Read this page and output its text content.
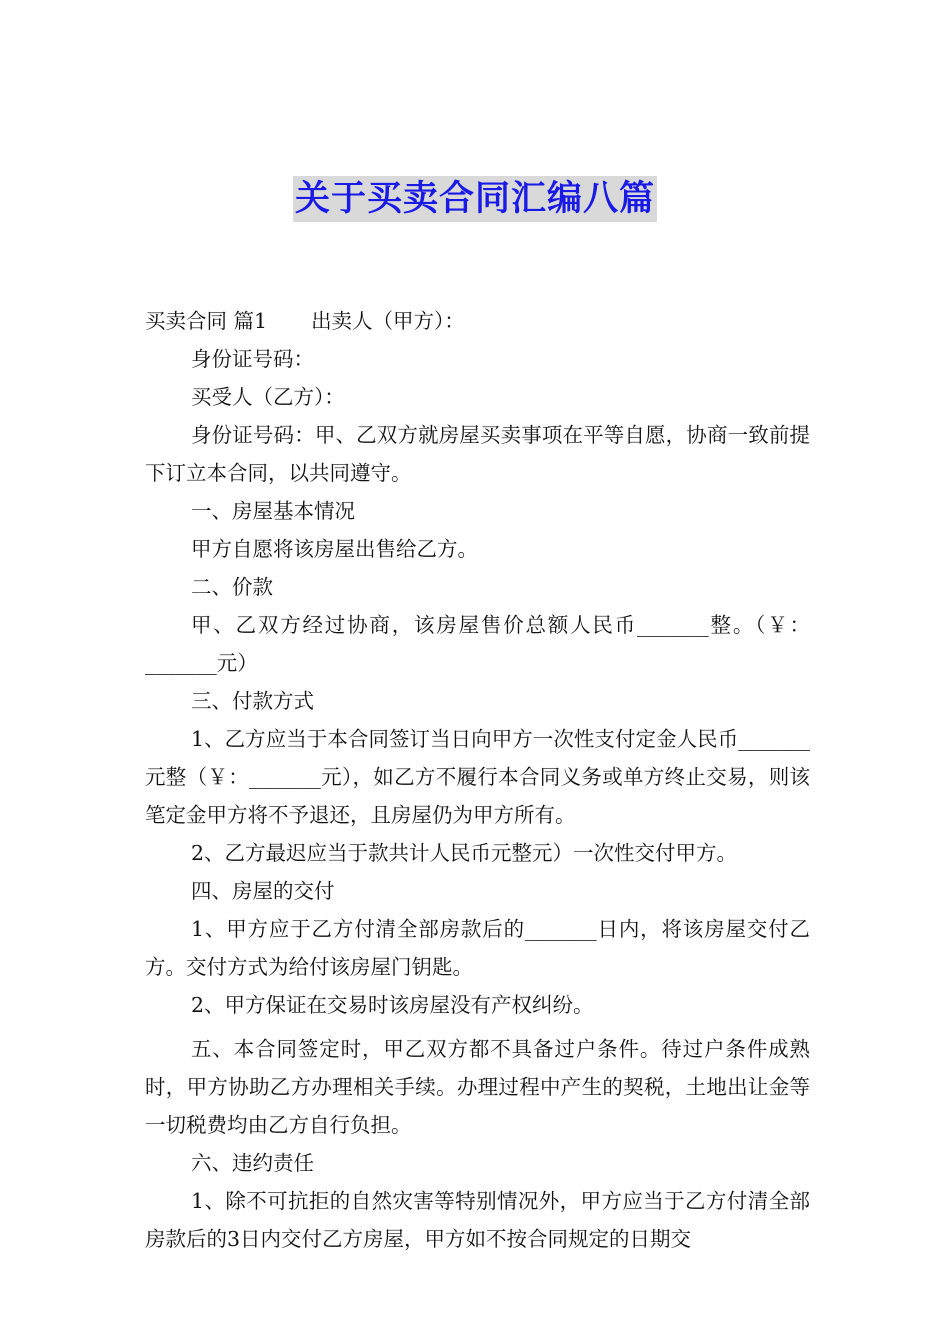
关于买卖合同汇编八篇

买卖合同 篇1 出卖人（甲方）：

身份证号码：

买受人（乙方）：

身份证号码：甲、乙双方就房屋买卖事项在平等自愿，协商一致前提下订立本合同，以共同遵守。

一、房屋基本情况

甲方自愿将该房屋出售给乙方。

二、价款

甲、乙双方经过协商，该房屋售价总额人民币_______整。（￥：_______元）

三、付款方式

1、乙方应当于本合同签订当日向甲方一次性支付定金人民币_______元整（￥：_______元），如乙方不履行本合同义务或单方终止交易，则该笔定金甲方将不予退还，且房屋仍为甲方所有。

2、乙方最迟应当于款共计人民币元整元）一次性交付甲方。

四、房屋的交付

1、甲方应于乙方付清全部房款后的_______日内，将该房屋交付乙方。交付方式为给付该房屋门钥匙。

2、甲方保证在交易时该房屋没有产权纠纷。

五、本合同签定时，甲乙双方都不具备过户条件。待过户条件成熟时，甲方协助乙方办理相关手续。办理过程中产生的契税，土地出让金等一切税费均由乙方自行负担。

六、违约责任

1、除不可抗拒的自然灾害等特别情况外，甲方应当于乙方付清全部房款后的3日内交付乙方房屋，甲方如不按合同规定的日期交
